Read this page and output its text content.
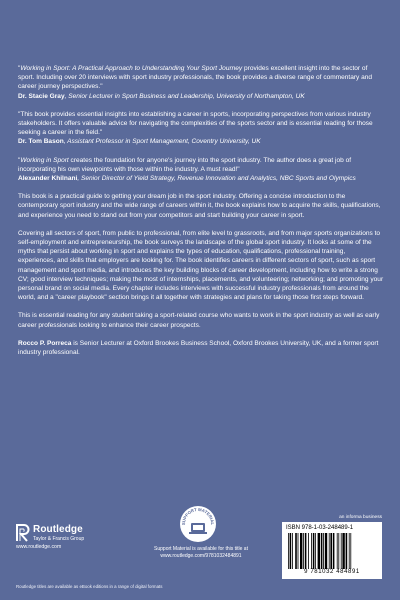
"Working in Sport: A Practical Approach to Understanding Your Sport Journey provides excellent insight into the sector of sport. Including over 20 interviews with sport industry professionals, the book provides a diverse range of commentary and career journey perspectives."
Dr. Stacie Gray, Senior Lecturer in Sport Business and Leadership, University of Northampton, UK
"This book provides essential insights into establishing a career in sports, incorporating perspectives from various industry stakeholders. It offers valuable advice for navigating the complexities of the sports sector and is essential reading for those seeking a career in the field."
Dr. Tom Bason, Assistant Professor in Sport Management, Coventry University, UK
"Working in Sport creates the foundation for anyone's journey into the sport industry. The author does a great job of incorporating his own viewpoints with those within the industry. A must read!"
Alexander Khilnani, Senior Director of Yield Strategy, Revenue Innovation and Analytics, NBC Sports and Olympics
This book is a practical guide to getting your dream job in the sport industry. Offering a concise introduction to the contemporary sport industry and the wide range of careers within it, the book explains how to acquire the skills, qualifications, and experience you need to stand out from your competitors and start building your career in sport.
Covering all sectors of sport, from public to professional, from elite level to grassroots, and from major sports organizations to self-employment and entrepreneurship, the book surveys the landscape of the global sport industry. It looks at some of the myths that persist about working in sport and explains the types of education, qualifications, professional training, experiences, and skills that employers are looking for. The book identifies careers in different sectors of sport, such as sport management and sport media, and introduces the key building blocks of career development, including how to write a strong CV; good interview techniques; making the most of internships, placements, and volunteering; networking; and promoting your personal brand on social media. Every chapter includes interviews with successful industry professionals from around the world, and a "career playbook" section brings it all together with strategies and plans for taking those first steps forward.
This is essential reading for any student taking a sport-related course who wants to work in the sport industry as well as early career professionals looking to enhance their career prospects.
Rocco P. Porreca is Senior Lecturer at Oxford Brookes Business School, Oxford Brookes University, UK, and a former sport industry professional.
Routledge
Taylor & Francis Group
www.routledge.com
SUPPORT MATERIAL
Support Material is available for this title at www.routledge.com/9781032484891
an informa business
ISBN 978-1-03-248489-1
9 781032 484891
Routledge titles are available as eBook editions in a range of digital formats
